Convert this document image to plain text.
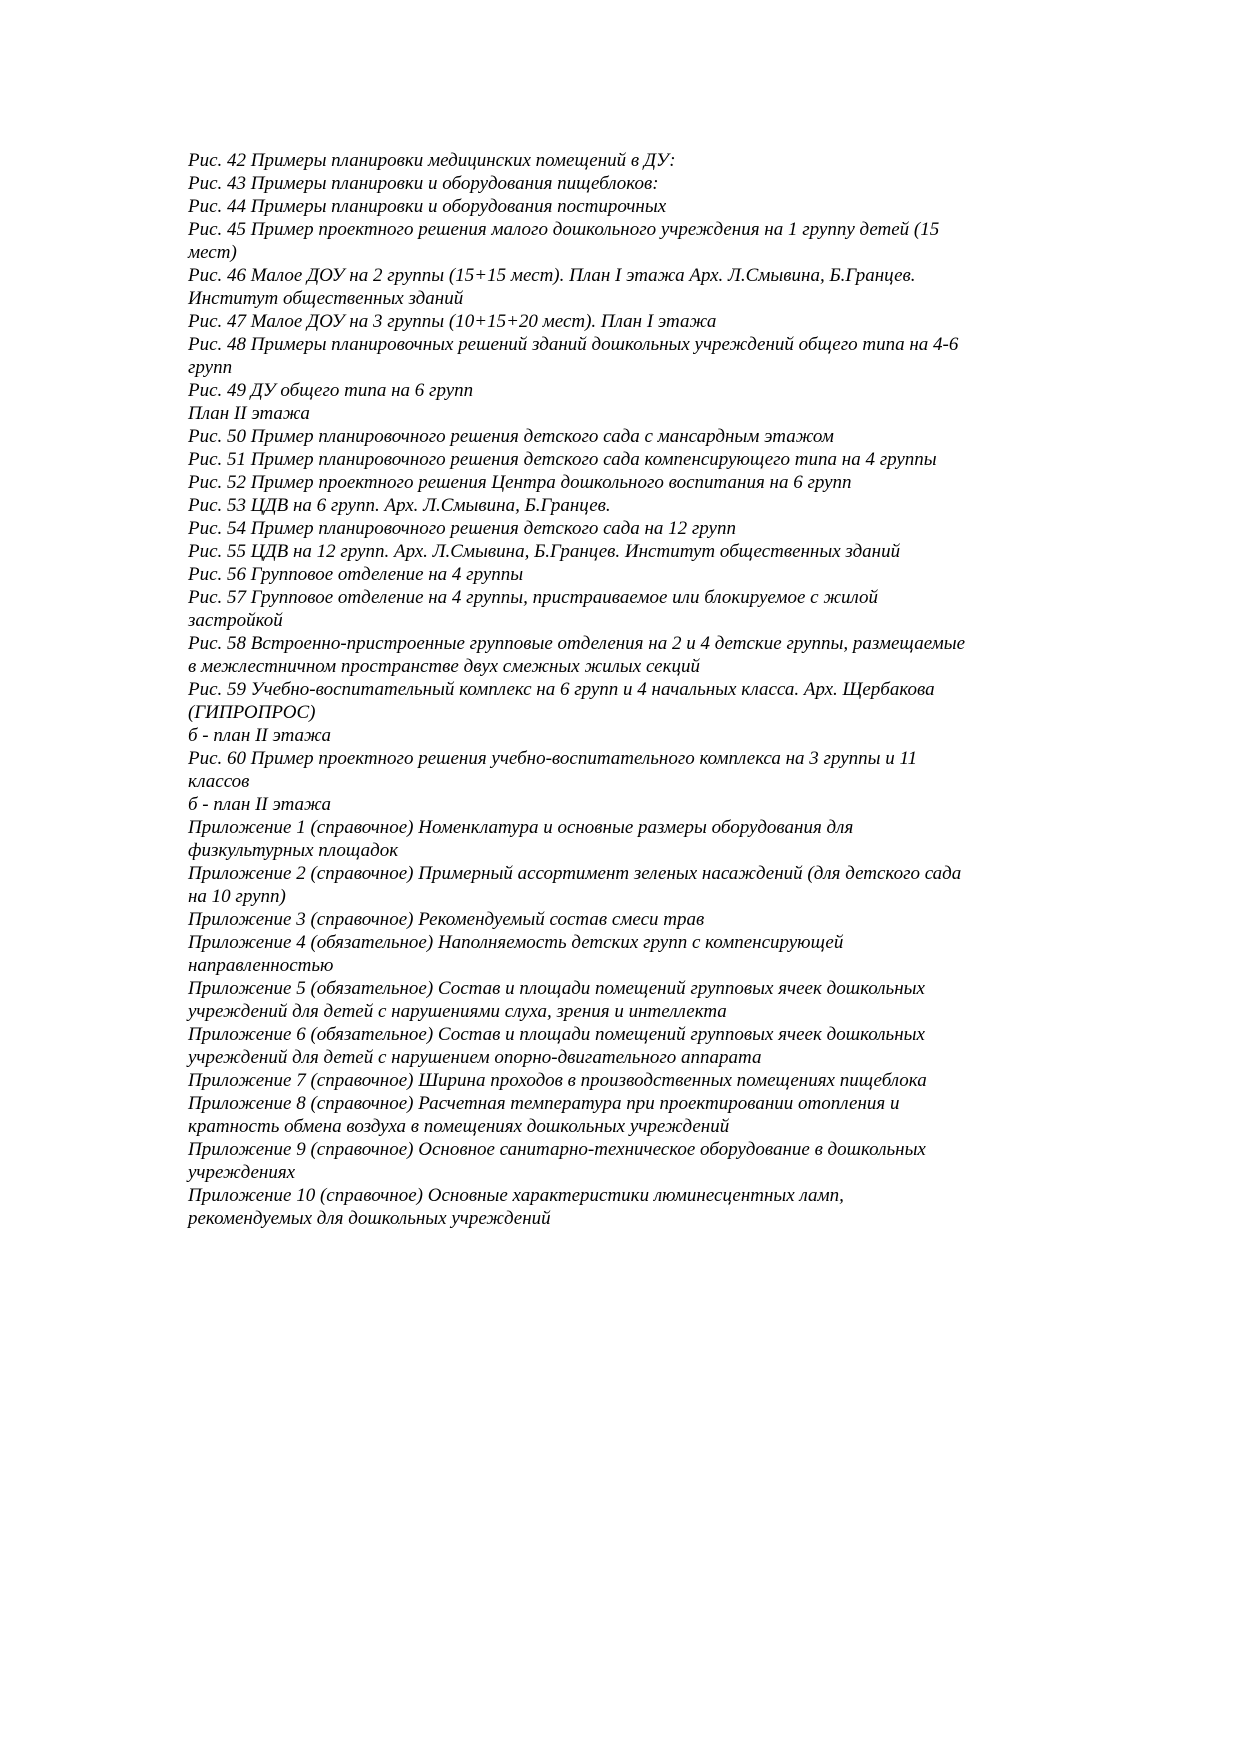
Рис. 42 Примеры планировки медицинских помещений в ДУ:

Рис. 43 Примеры планировки и оборудования пищеблоков:

Рис. 44 Примеры планировки и оборудования постирочных

Рис. 45 Пример проектного решения малого дошкольного учреждения на 1 группу детей (15

мест)

Рис. 46 Малое ДОУ на 2 группы (15+15 мест). План I этажа Арх. Л.Смывина, Б.Гранцев.

Институт общественных зданий

Рис. 47 Малое ДОУ на 3 группы (10+15+20 мест). План I этажа

Рис. 48 Примеры планировочных решений зданий дошкольных учреждений общего типа на 4-6

групп

Рис. 49 ДУ общего типа на 6 групп

План II этажа

Рис. 50 Пример планировочного решения детского сада с мансардным этажом

Рис. 51 Пример планировочного решения детского сада компенсирующего типа на 4 группы

Рис. 52 Пример проектного решения Центра дошкольного воспитания на 6 групп

Рис. 53 ЦДВ на 6 групп. Арх. Л.Смывина, Б.Гранцев.

Рис. 54 Пример планировочного решения детского сада на 12 групп

Рис. 55 ЦДВ на 12 групп. Арх. Л.Смывина, Б.Гранцев. Институт общественных зданий

Рис. 56 Групповое отделение на 4 группы

Рис. 57 Групповое отделение на 4 группы, пристраиваемое или блокируемое с жилой

застройкой

Рис. 58 Встроенно-пристроенные групповые отделения на 2 и 4 детские группы, размещаемые

в межлестничном пространстве двух смежных жилых секций

Рис. 59 Учебно-воспитательный комплекс на 6 групп и 4 начальных класса. Арх. Щербакова

(ГИПРОПРОС)

б - план II этажа

Рис. 60 Пример проектного решения учебно-воспитательного комплекса на 3 группы и 11

классов

б - план II этажа

Приложение 1 (справочное) Номенклатура и основные размеры оборудования для

физкультурных площадок

Приложение 2 (справочное) Примерный ассортимент зеленых насаждений (для детского сада

на 10 групп)

Приложение 3 (справочное) Рекомендуемый состав смеси трав

Приложение 4 (обязательное) Наполняемость детских групп с компенсирующей

направленностью

Приложение 5 (обязательное) Состав и площади помещений групповых ячеек дошкольных

учреждений для детей с нарушениями слуха, зрения и интеллекта

Приложение 6 (обязательное) Состав и площади помещений групповых ячеек дошкольных

учреждений для детей с нарушением опорно-двигательного аппарата

Приложение 7 (справочное) Ширина проходов в производственных помещениях пищеблока

Приложение 8 (справочное) Расчетная температура при проектировании отопления и

кратность обмена воздуха в помещениях дошкольных учреждений

Приложение 9 (справочное) Основное санитарно-техническое оборудование в дошкольных

учреждениях

Приложение 10 (справочное) Основные характеристики люминесцентных ламп,

рекомендуемых для дошкольных учреждений
